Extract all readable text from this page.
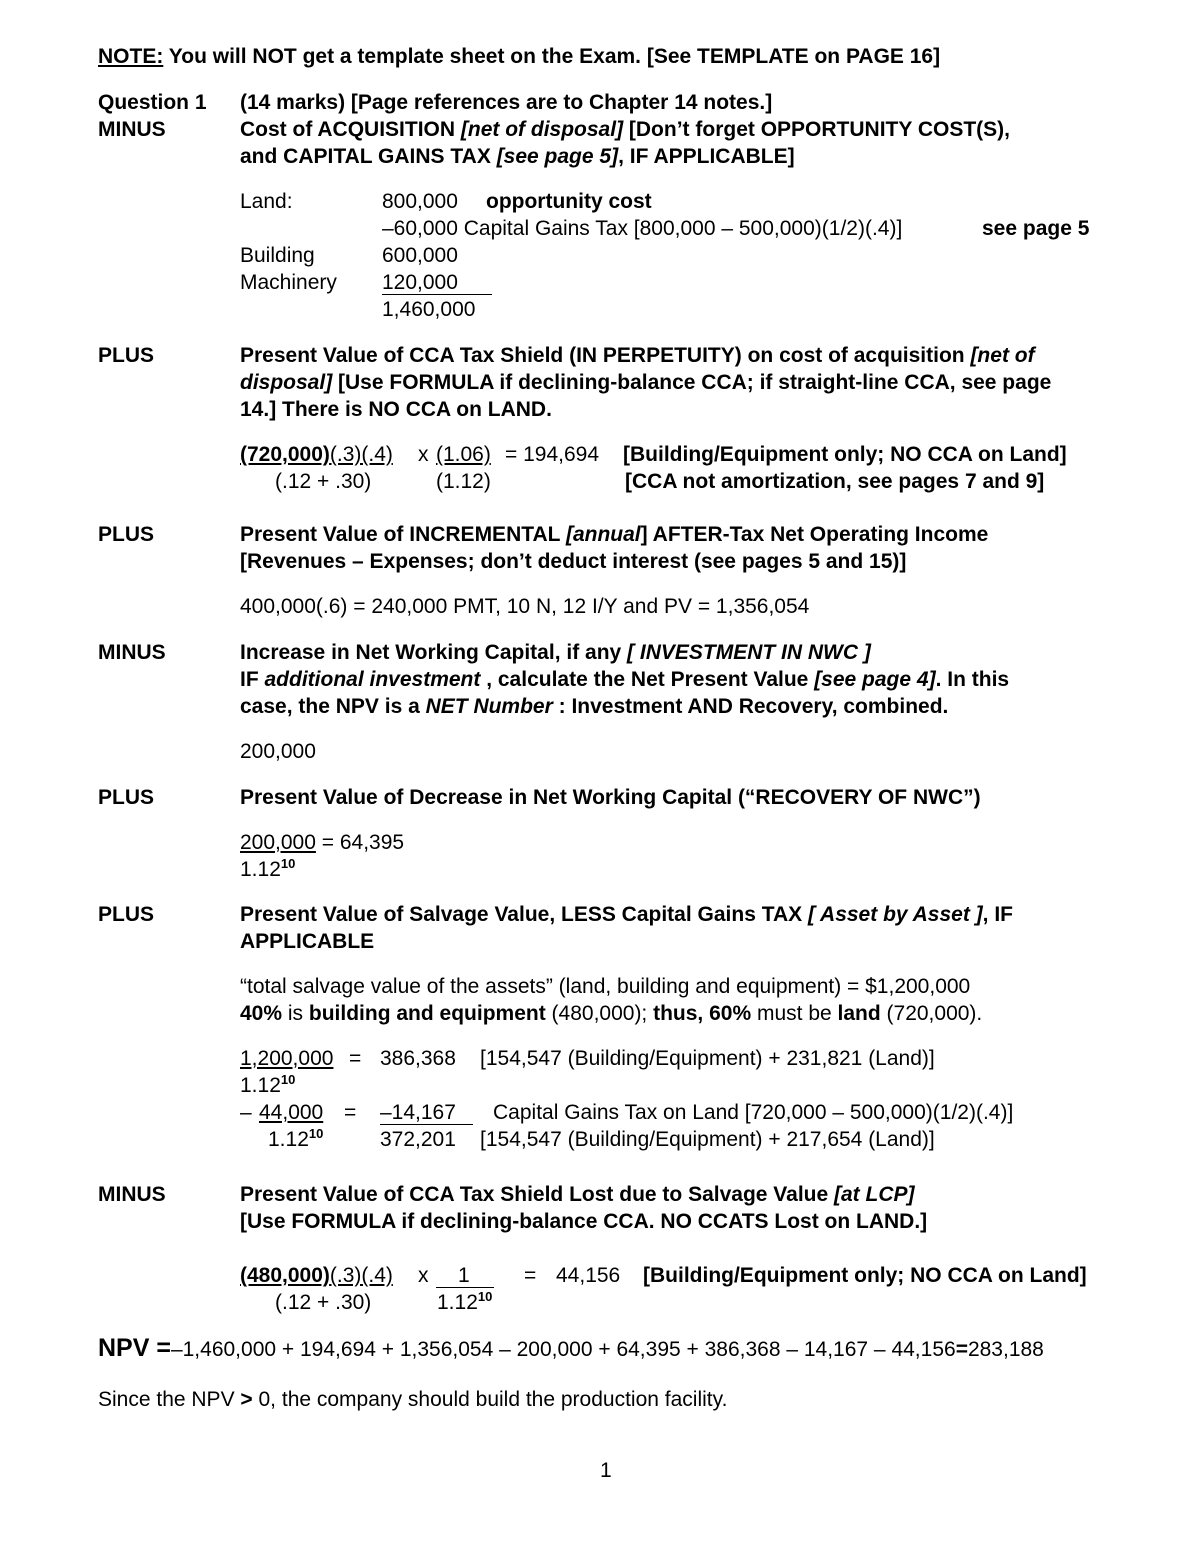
NOTE: You will NOT get a template sheet on the Exam. [See TEMPLATE on PAGE 16]
Question 1 (14 marks) [Page references are to Chapter 14 notes.]
MINUS	Cost of ACQUISITION [net of disposal] [Don’t forget OPPORTUNITY COST(S),
and CAPITAL GAINS TAX [see page 5], IF APPLICABLE]
Land:	800,000 opportunity cost
–60,000 Capital Gains Tax [800,000 – 500,000)(1/2)(.4)]	see page 5
Building	600,000
Machinery 120,000
1,460,000
PLUS	Present Value of CCA Tax Shield (IN PERPETUITY) on cost of acquisition [net of
disposal] [Use FORMULA if declining-balance CCA; if straight-line CCA, see page
14.] There is NO CCA on LAND.
(720,000)(.3)(.4) x (1.06) = 194,694 [Building/Equipment only; NO CCA on Land]
(.12 + .30)	(1.12)	[CCA not amortization, see pages 7 and 9]
PLUS	Present Value of INCREMENTAL [annual] AFTER-Tax Net Operating Income
[Revenues – Expenses; don’t deduct interest (see pages 5 and 15)]
400,000(.6) = 240,000 PMT, 10 N, 12 I/Y and PV = 1,356,054
MINUS	Increase in Net Working Capital, if any [ INVESTMENT IN NWC ]
IF additional investment , calculate the Net Present Value [see page 4]. In this
case, the NPV is a NET Number : Investment AND Recovery, combined.
200,000
PLUS	Present Value of Decrease in Net Working Capital (“RECOVERY OF NWC”)
200,000 = 64,395
1.12$^{10}$
PLUS	Present Value of Salvage Value, LESS Capital Gains TAX [ Asset by Asset ], IF
APPLICABLE
“total salvage value of the assets” (land, building and equipment) = $1,200,000
40% is building and equipment (480,000); thus, 60% must be land (720,000).
1,200,000 = 386,368 [154,547 (Building/Equipment) + 231,821 (Land)]
1.12$^{10}$
– 44,000 = –14,167 Capital Gains Tax on Land [720,000 – 500,000)(1/2)(.4)]
1.12$^{10}$	372,201 [154,547 (Building/Equipment) + 217,654 (Land)]
MINUS	Present Value of CCA Tax Shield Lost due to Salvage Value [at LCP]
[Use FORMULA if declining-balance CCA. NO CCATS Lost on LAND.]
(480,000)(.3)(.4) x 1	= 44,156 [Building/Equipment only; NO CCA on Land]
(.12 + .30)	1.12$^{10}$
NPV =–1,460,000 + 194,694 + 1,356,054 – 200,000 + 64,395 + 386,368 – 14,167 – 44,156=283,188
Since the NPV > 0, the company should build the production facility.
1
